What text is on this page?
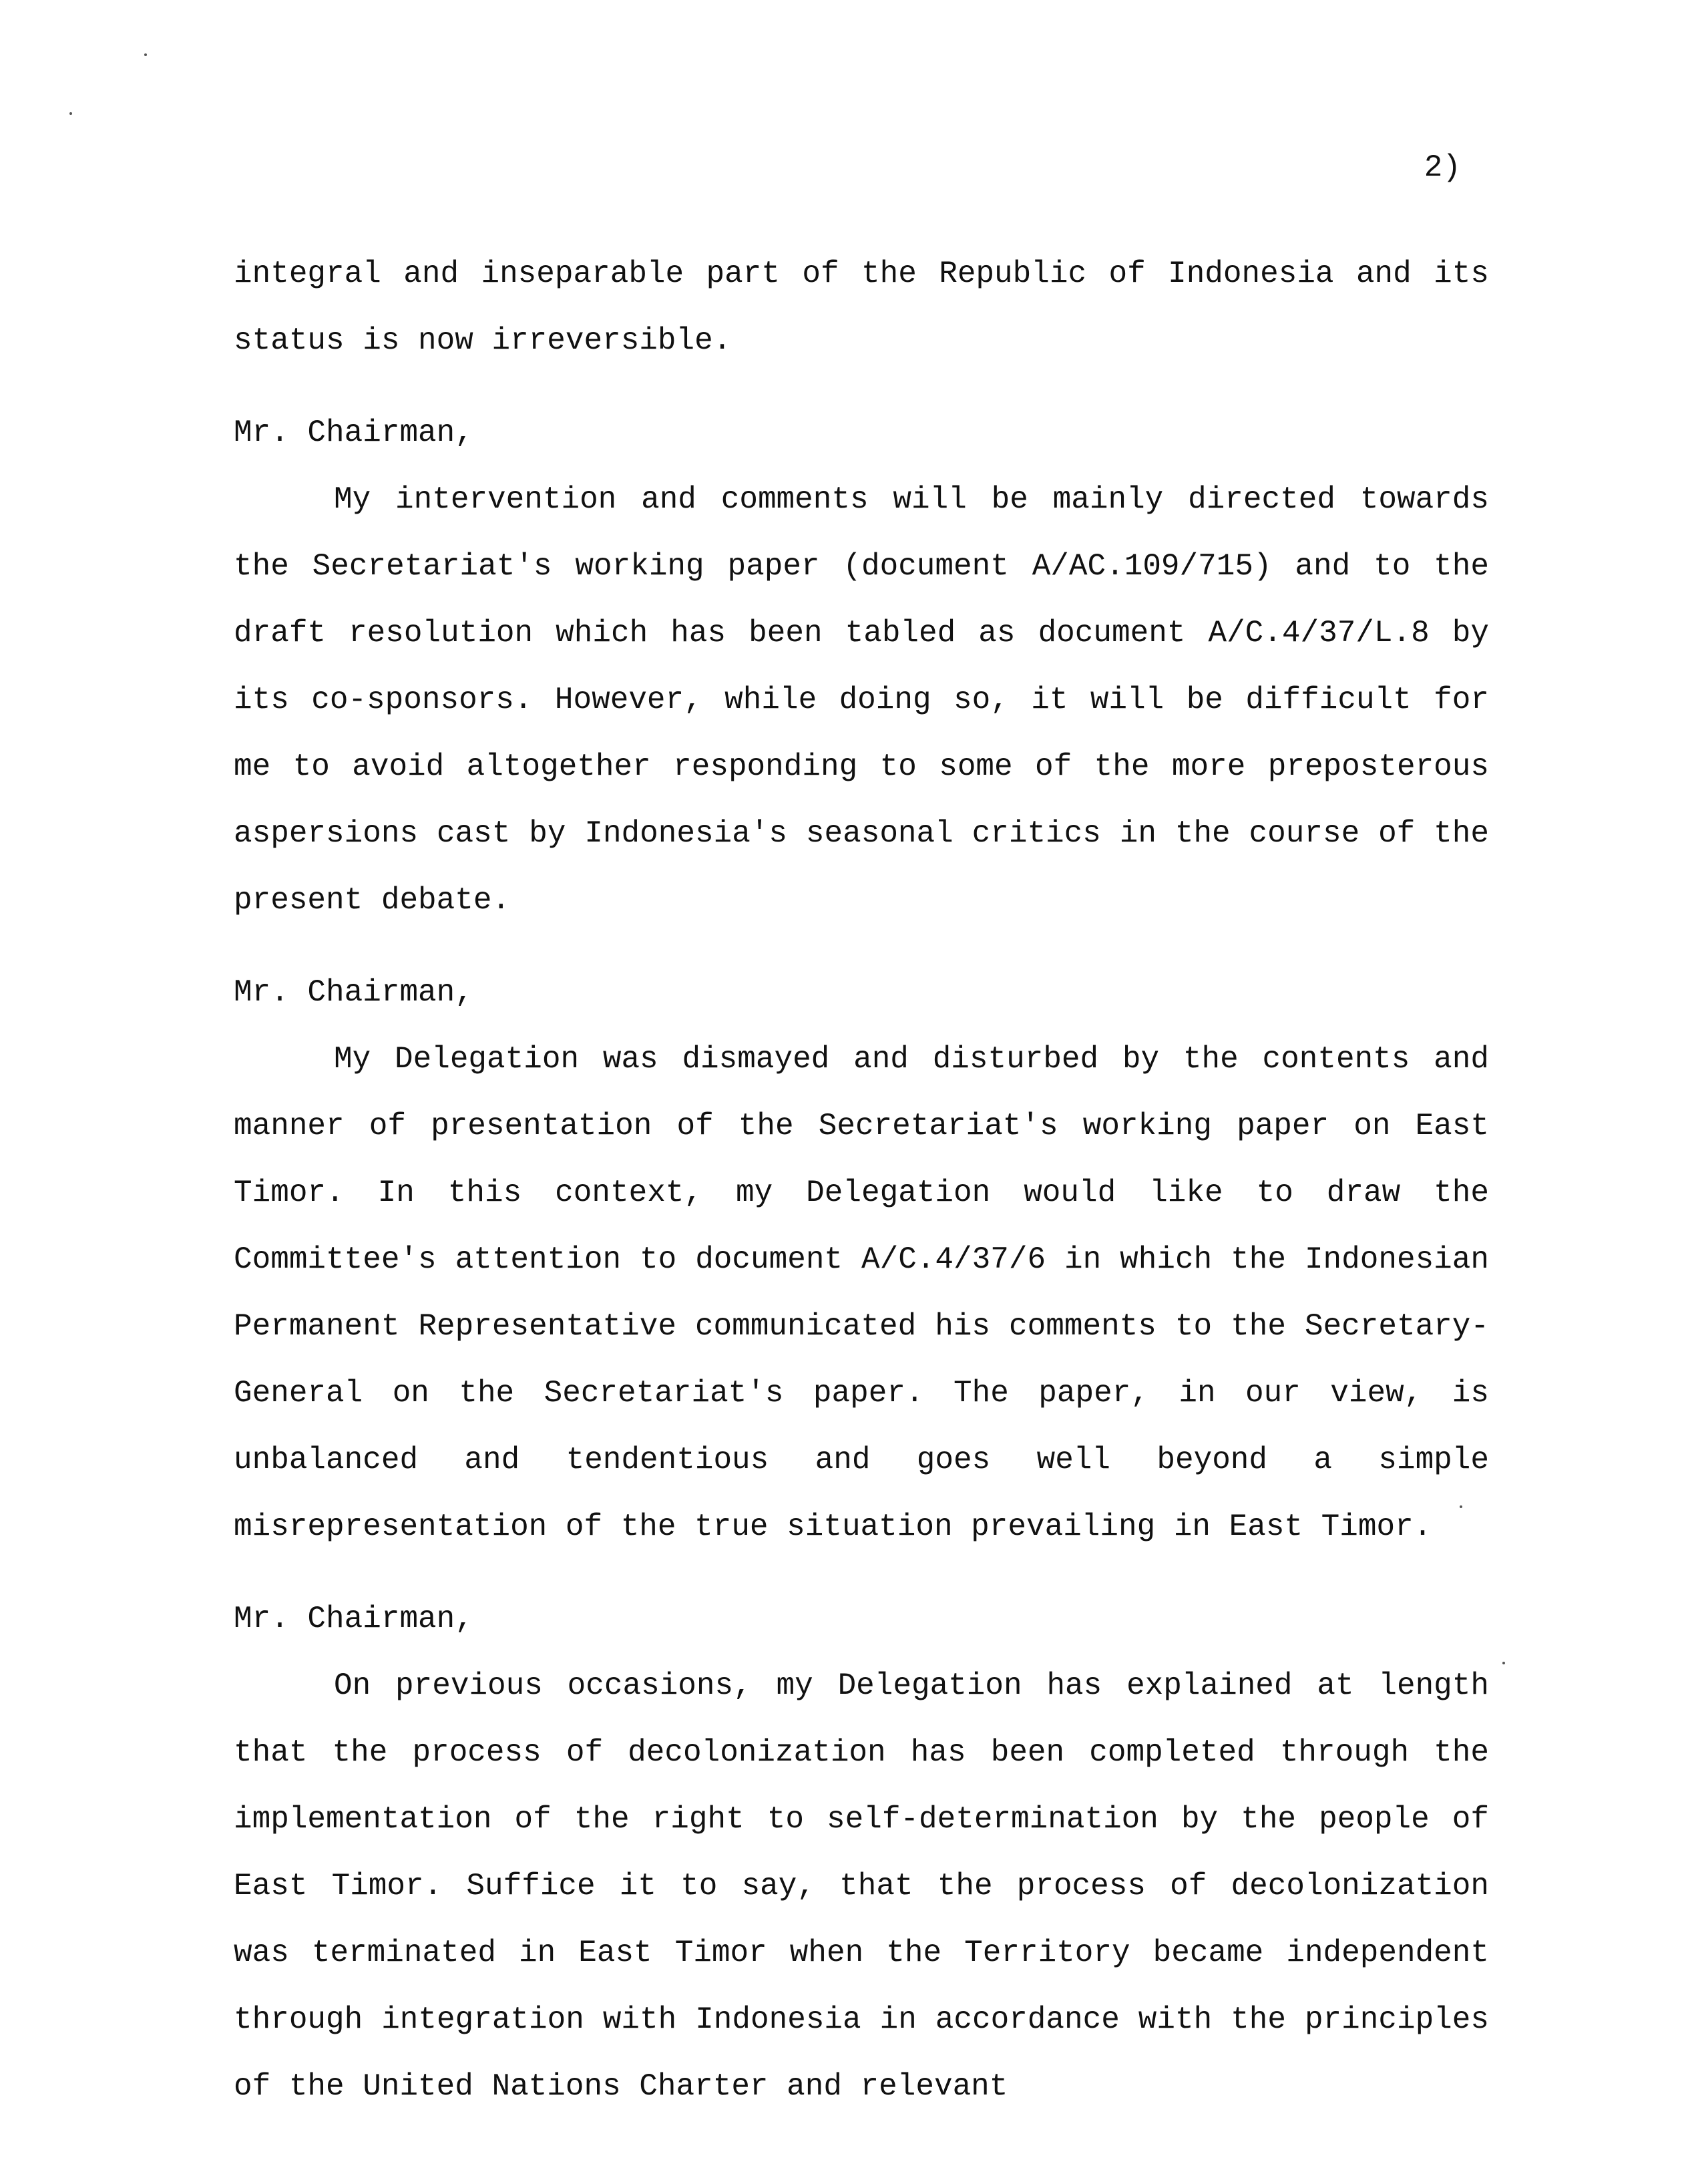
2)

integral and inseparable part of the Republic of Indonesia and its status is now irreversible.

Mr. Chairman,

My intervention and comments will be mainly directed towards the Secretariat's working paper (document A/AC.109/715) and to the draft resolution which has been tabled as document A/C.4/37/L.8 by its co-sponsors. However, while doing so, it will be difficult for me to avoid altogether responding to some of the more preposterous aspersions cast by Indonesia's seasonal critics in the course of the present debate.

Mr. Chairman,

My Delegation was dismayed and disturbed by the contents and manner of presentation of the Secretariat's working paper on East Timor. In this context, my Delegation would like to draw the Committee's attention to document A/C.4/37/6 in which the Indonesian Permanent Representative communicated his comments to the Secretary-General on the Secretariat's paper. The paper, in our view, is unbalanced and tendentious and goes well beyond a simple misrepresentation of the true situation prevailing in East Timor.

Mr. Chairman,

On previous occasions, my Delegation has explained at length that the process of decolonization has been completed through the implementation of the right to self-determination by the people of East Timor. Suffice it to say, that the process of decolonization was terminated in East Timor when the Territory became independent through integration with Indonesia in accordance with the principles of the United Nations Charter and relevant
